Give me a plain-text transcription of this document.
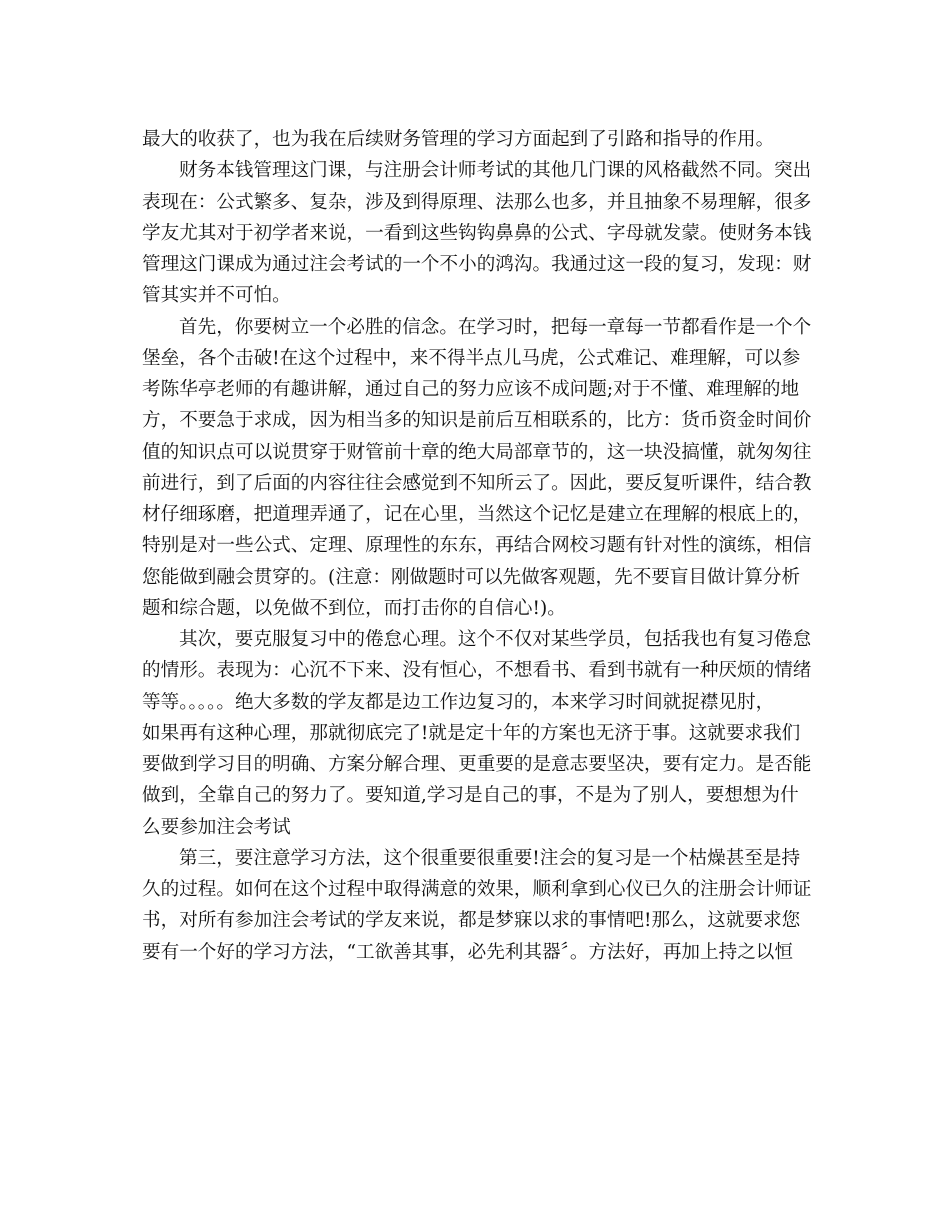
最大的收获了，也为我在后续财务管理的学习方面起到了引路和指导的作用。
财务本钱管理这门课，与注册会计师考试的其他几门课的风格截然不同。突出
表现在：公式繁多、复杂，涉及到得原理、法那么也多，并且抽象不易理解，很多
学友尤其对于初学者来说，一看到这些钩钩鼻鼻的公式、字母就发蒙。使财务本钱
管理这门课成为通过注会考试的一个不小的鸿沟。我通过这一段的复习，发现：财
管其实并不可怕。
首先，你要树立一个必胜的信念。在学习时，把每一章每一节都看作是一个个
堡垒，各个击破!在这个过程中，来不得半点儿马虎，公式难记、难理解，可以参
考陈华亭老师的有趣讲解，通过自己的努力应该不成问题;对于不懂、难理解的地
方，不要急于求成，因为相当多的知识是前后互相联系的，比方：货币资金时间价
值的知识点可以说贯穿于财管前十章的绝大局部章节的，这一块没搞懂，就匆匆往
前进行，到了后面的内容往往会感觉到不知所云了。因此，要反复听课件，结合教
材仔细琢磨，把道理弄通了，记在心里，当然这个记忆是建立在理解的根底上的，
特别是对一些公式、定理、原理性的东东，再结合网校习题有针对性的演练，相信
您能做到融会贯穿的。(注意：刚做题时可以先做客观题，先不要盲目做计算分析
题和综合题，以免做不到位，而打击你的自信心!)。
其次，要克服复习中的倦怠心理。这个不仅对某些学员，包括我也有复习倦怠
的情形。表现为：心沉不下来、没有恒心，不想看书、看到书就有一种厌烦的情绪
等等。。。。。绝大多数的学友都是边工作边复习的，本来学习时间就捉襟见肘，
如果再有这种心理，那就彻底完了!就是定十年的方案也无济于事。这就要求我们
要做到学习目的明确、方案分解合理、更重要的是意志要坚决，要有定力。是否能
做到，全靠自己的努力了。要知道,学习是自己的事，不是为了别人，要想想为什
么要参加注会考试
第三，要注意学习方法，这个很重要很重要!注会的复习是一个枯燥甚至是持
久的过程。如何在这个过程中取得满意的效果，顺利拿到心仪已久的注册会计师证
书，对所有参加注会考试的学友来说，都是梦寐以求的事情吧!那么，这就要求您
要有一个好的学习方法，“工欲善其事，必先利其器〞。方法好，再加上持之以恒
